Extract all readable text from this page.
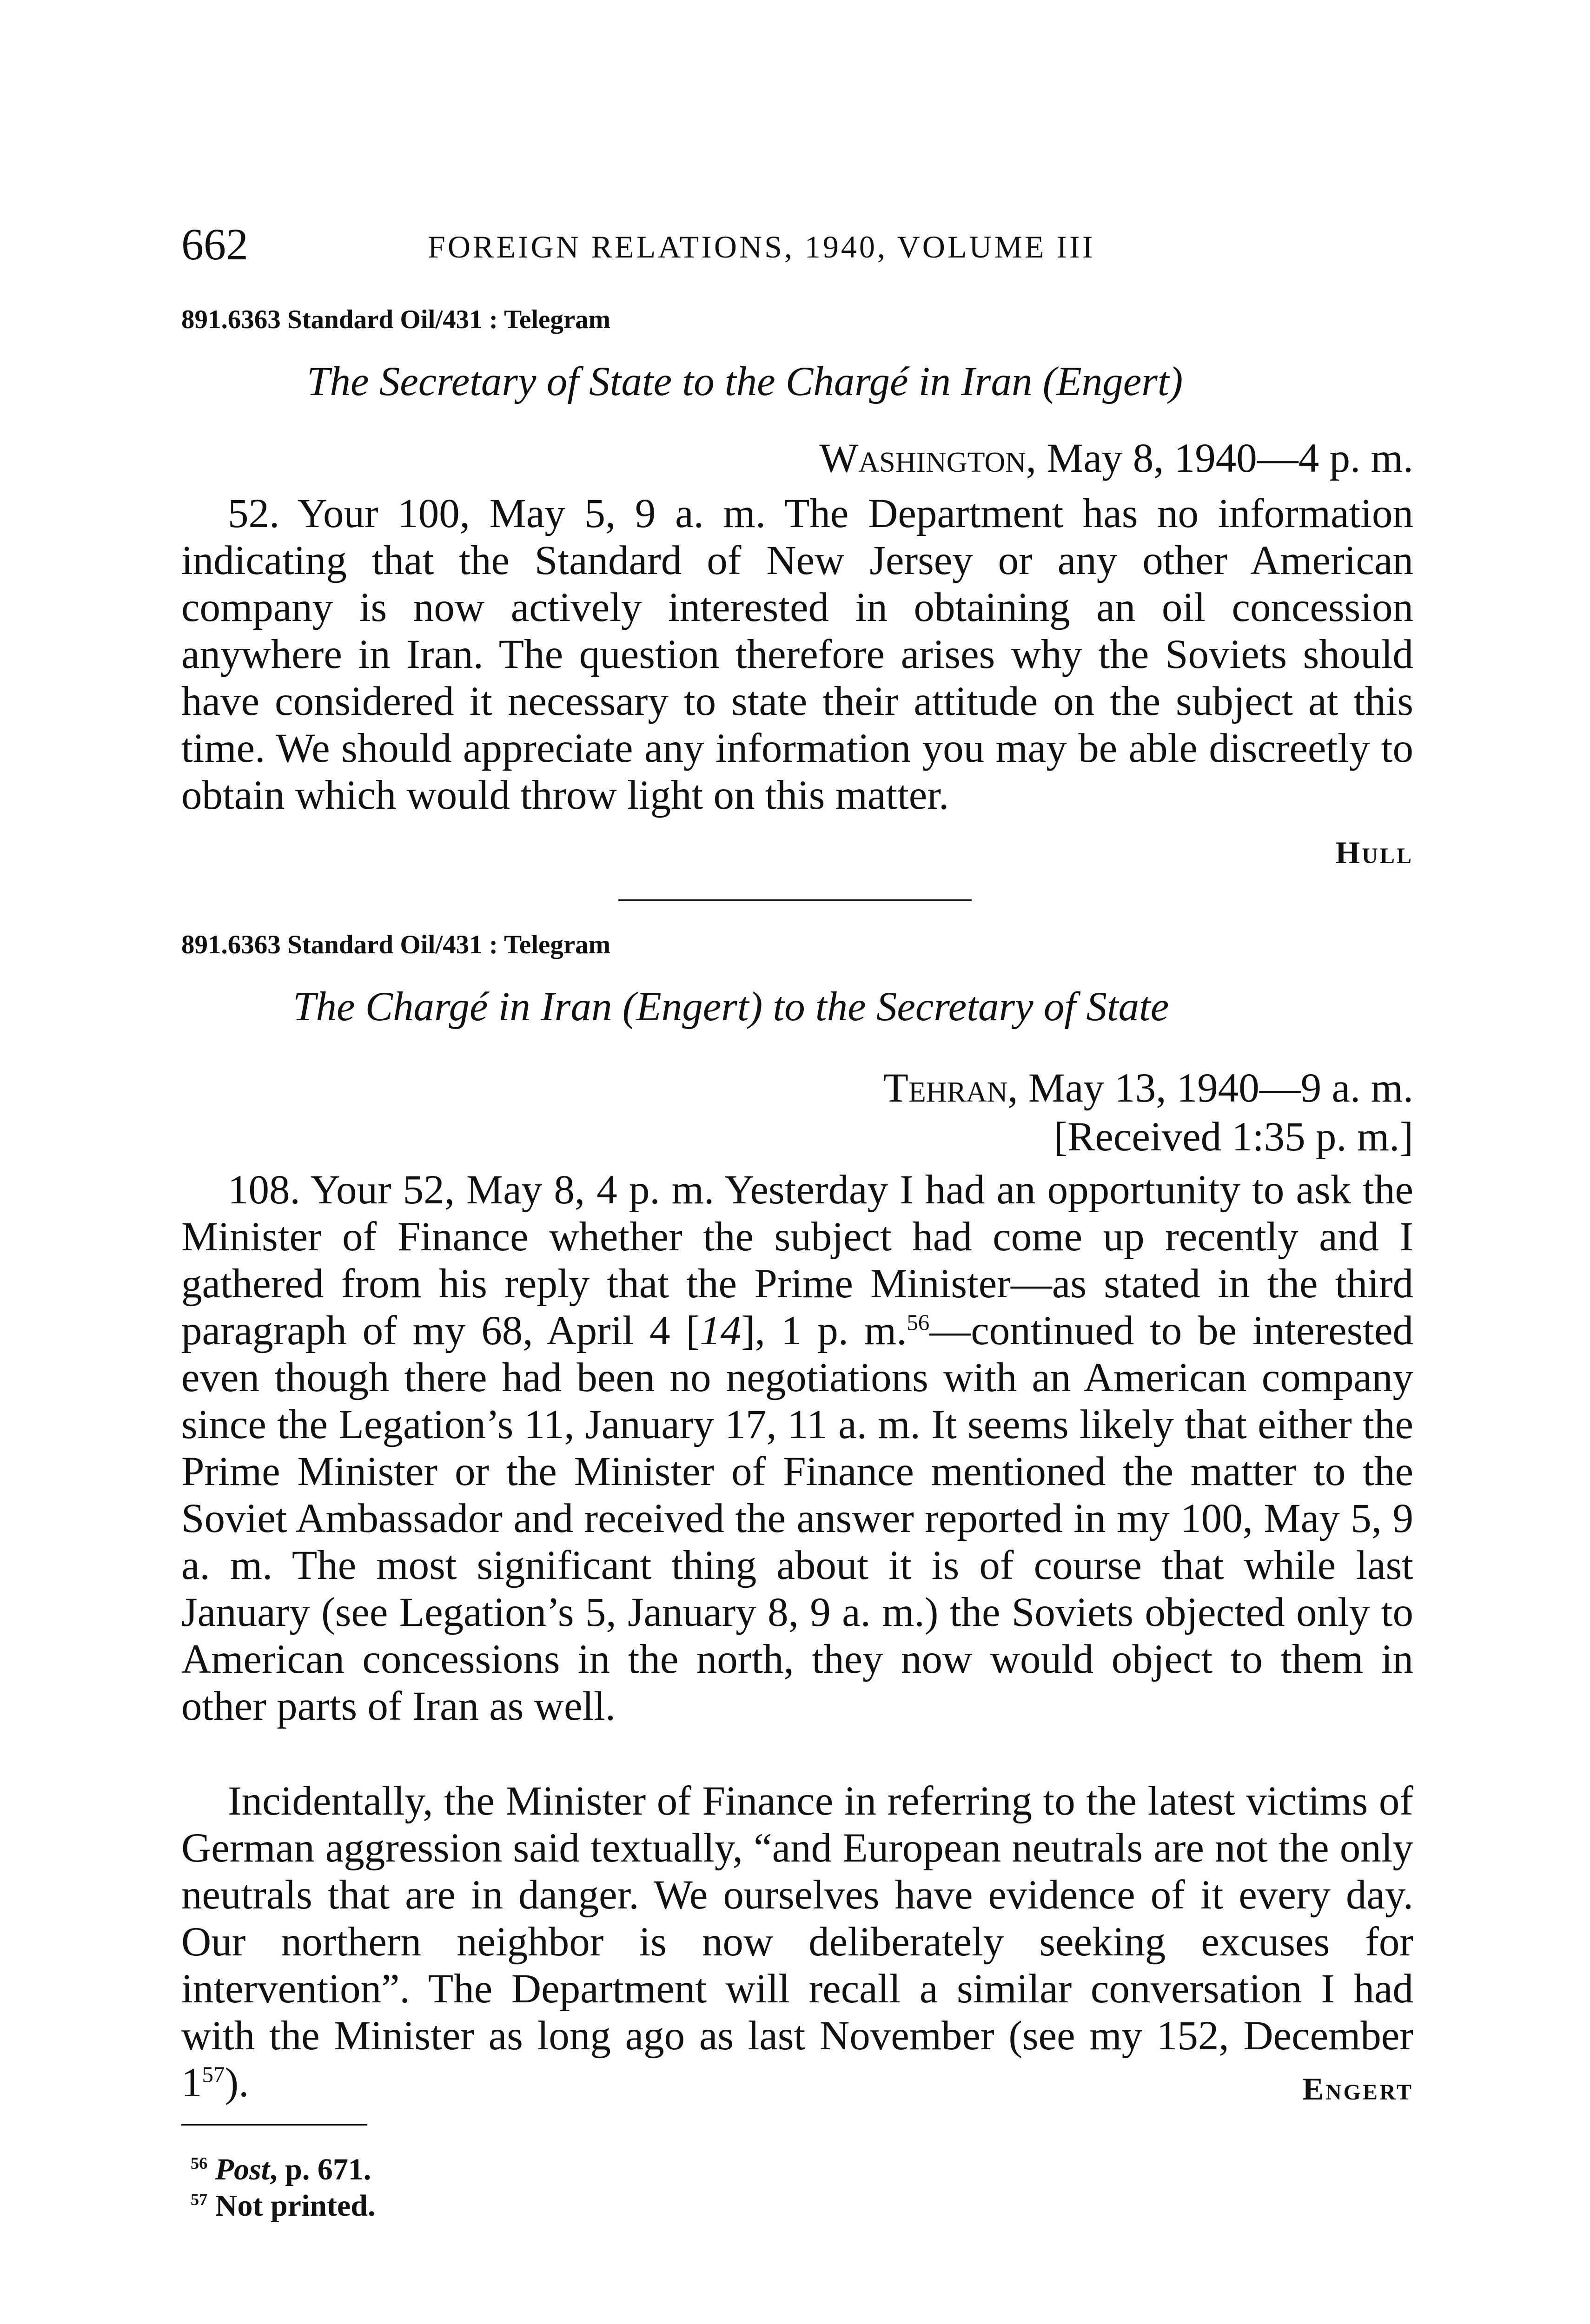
662	FOREIGN RELATIONS, 1940, VOLUME III
891.6363 Standard Oil/431 : Telegram
The Secretary of State to the Chargé in Iran (Engert)
Washington, May 8, 1940—4 p. m.

52. Your 100, May 5, 9 a. m. The Department has no information indicating that the Standard of New Jersey or any other American company is now actively interested in obtaining an oil concession anywhere in Iran. The question therefore arises why the Soviets should have considered it necessary to state their attitude on the subject at this time. We should appreciate any information you may be able discreetly to obtain which would throw light on this matter.

Hull
891.6363 Standard Oil/431 : Telegram
The Chargé in Iran (Engert) to the Secretary of State
Tehran, May 13, 1940—9 a. m.
[Received 1:35 p. m.]

108. Your 52, May 8, 4 p. m. Yesterday I had an opportunity to ask the Minister of Finance whether the subject had come up recently and I gathered from his reply that the Prime Minister—as stated in the third paragraph of my 68, April 4 [14], 1 p. m.$^{56}$—continued to be interested even though there had been no negotiations with an American company since the Legation’s 11, January 17, 11 a. m. It seems likely that either the Prime Minister or the Minister of Finance mentioned the matter to the Soviet Ambassador and received the answer reported in my 100, May 5, 9 a. m. The most significant thing about it is of course that while last January (see Legation’s 5, January 8, 9 a. m.) the Soviets objected only to American concessions in the north, they now would object to them in other parts of Iran as well.

Incidentally, the Minister of Finance in referring to the latest victims of German aggression said textually, “and European neutrals are not the only neutrals that are in danger. We ourselves have evidence of it every day. Our northern neighbor is now deliberately seeking excuses for intervention”. The Department will recall a similar conversation I had with the Minister as long ago as last November (see my 152, December $1^{57}$).	Engert
$^{56}$ Post, p. 671.
$^{57}$ Not printed.
